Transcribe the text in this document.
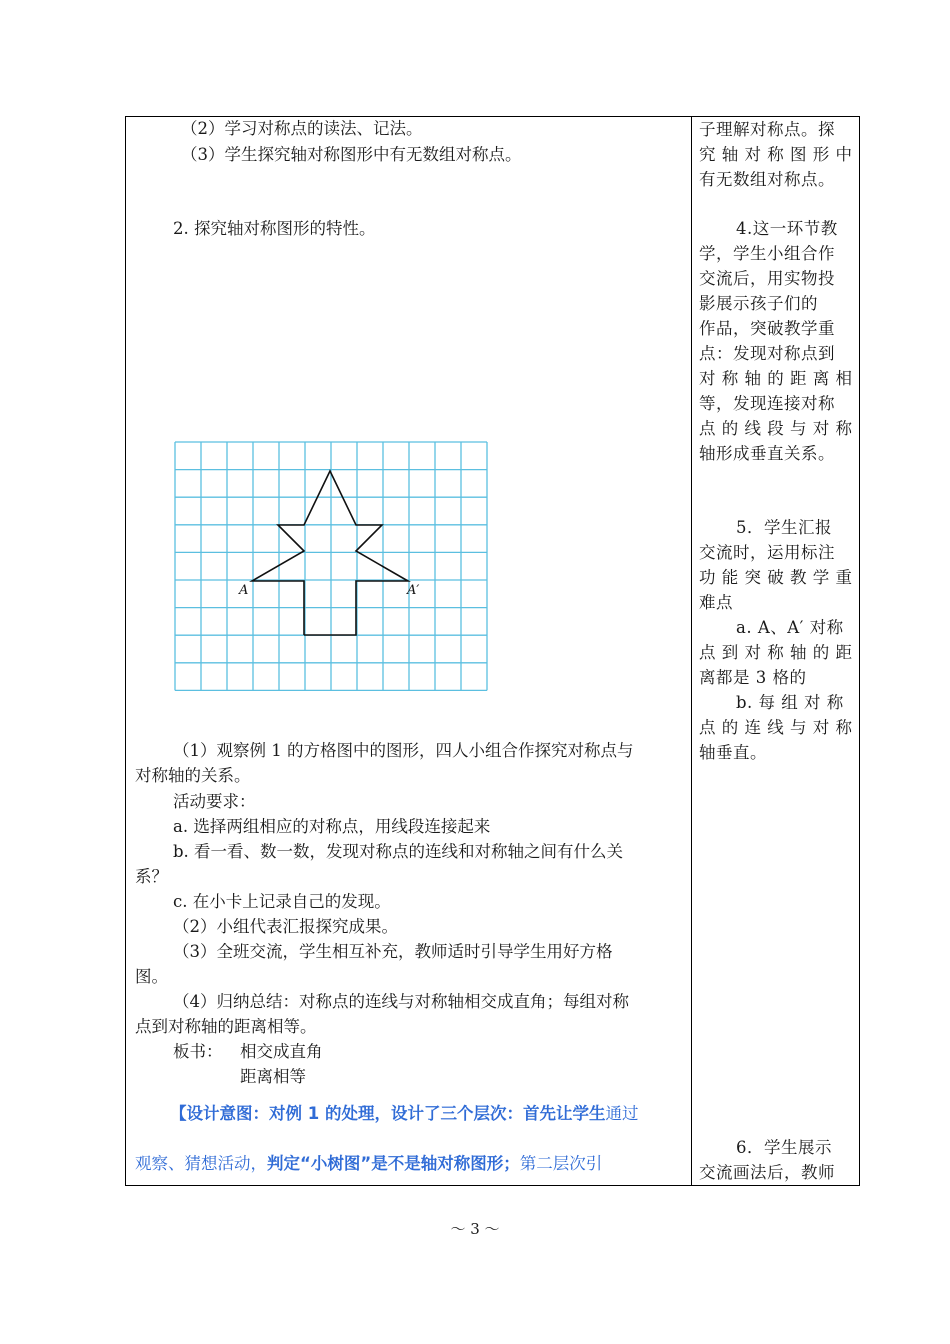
（2）学习对称点的读法、记法。
（3）学生探究轴对称图形中有无数组对称点。
2. 探究轴对称图形的特性。
A	A′
（1）观察例 1 的方格图中的图形，四人小组合作探究对称点与
对称轴的关系。
活动要求：
a. 选择两组相应的对称点，用线段连接起来
b. 看一看、数一数，发现对称点的连线和对称轴之间有什么关
系？
c. 在小卡上记录自己的发现。
（2）小组代表汇报探究成果。
（3）全班交流，学生相互补充，教师适时引导学生用好方格
图。
（4）归纳总结：对称点的连线与对称轴相交成直角；每组对称
点到对称轴的距离相等。
板书： 相交成直角
距离相等
【设计意图：对例 1 的处理，设计了三个层次：首先让学生通过
观察、猜想活动，判定“小树图”是不是轴对称图形；第二层次引
子理解对称点。探
究 轴 对 称 图 形 中
有无数组对称点。
4.这一环节教
学，学生小组合作
交流后，用实物投
影展示孩子们的
作品，突破教学重
点：发现对称点到
对 称 轴 的 距 离 相
等，发现连接对称
点 的 线 段 与 对 称
轴形成垂直关系。
5．学生汇报
交流时，运用标注
功 能 突 破 教 学 重
难点
a. A、A′ 对称
点 到 对 称 轴 的 距
离都是 3 格的
b. 每 组 对 称
点 的 连 线 与 对 称
轴垂直。
6．学生展示
交流画法后，教师
～ 3 ～
